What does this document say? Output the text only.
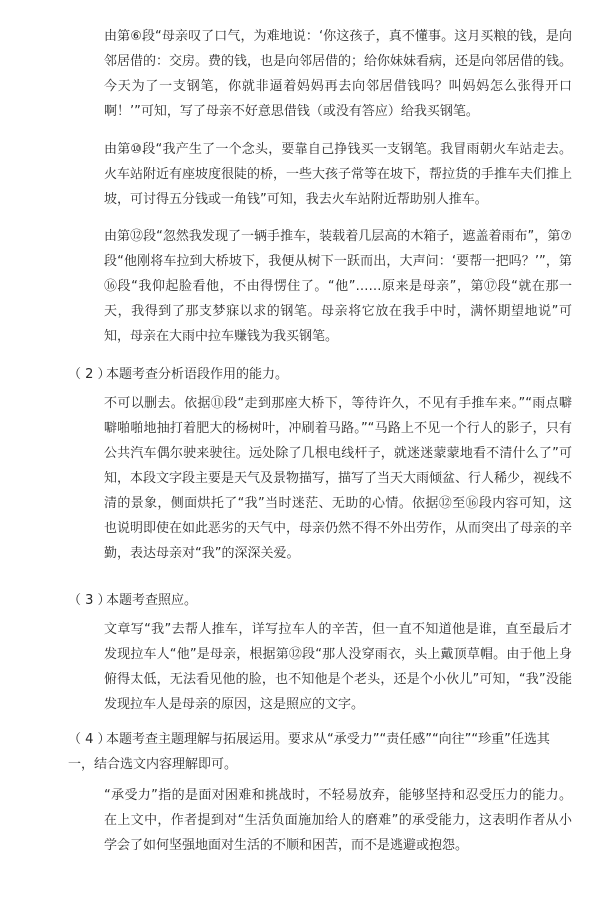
由第⑥段“母亲叹了口气，为难地说：‘你这孩子，真不懂事。这月买粮的钱，是向邻居借的：交房。费的钱，也是向邻居借的；给你妹妹看病，还是向邻居借的钱。今天为了一支钢笔，你就非逼着妈妈再去向邻居借钱吗？叫妈妈怎么张得开口啊！’”可知，写了母亲不好意思借钱（或没有答应）给我买钢笔。

由第⑩段“我产生了一个念头，要靠自己挣钱买一支钢笔。我冒雨朝火车站走去。火车站附近有座坡度很陡的桥，一些大孩子常等在坡下，帮拉货的手推车夫们推上坡，可讨得五分钱或一角钱”可知，我去火车站附近帮助别人推车。

由第⑫段“忽然我发现了一辆手推车，装载着几层高的木箱子，遮盖着雨布”，第⑦段“他刚将车拉到大桥坡下，我便从树下一跃而出，大声问：‘要帮一把吗？’”，第⑯段“我仰起脸看他，不由得愣住了。“他”……原来是母亲”，第⑰段“就在那一天，我得到了那支梦寐以求的钢笔。母亲将它放在我手中时，满怀期望地说”可知，母亲在大雨中拉车赚钱为我买钢笔。

（ 2 ）本题考查分析语段作用的能力。

不可以删去。依据⑪段“走到那座大桥下，等待许久，不见有手推车来。”“雨点噼噼啪啪地抽打着肥大的杨树叶，冲刷着马路。”“马路上不见一个行人的影子，只有公共汽车偶尔驶来驶往。远处除了几根电线杆子，就迷迷蒙蒙地看不清什么了”可知，本段文字段主要是天气及景物描写，描写了当天大雨倾盆、行人稀少，视线不清的景象，侧面烘托了“我”当时迷茫、无助的心情。依据⑫至⑯段内容可知，这也说明即使在如此恶劣的天气中，母亲仍然不得不外出劳作，从而突出了母亲的辛勤，表达母亲对“我”的深深关爱。

（ 3 ）本题考查照应。

文章写“我”去帮人推车，详写拉车人的辛苦，但一直不知道他是谁，直至最后才发现拉车人“他”是母亲，根据第⑫段“那人没穿雨衣，头上戴顶草帽。由于他上身俯得太低，无法看见他的脸，也不知他是个老头，还是个小伙儿”可知，“我”没能发现拉车人是母亲的原因，这是照应的文字。

（ 4 ）本题考查主题理解与拓展运用。要求从“承受力”“责任感”“向往”“珍重”任选其一，结合选文内容理解即可。

“承受力”指的是面对困难和挑战时，不轻易放弃，能够坚持和忍受压力的能力。在上文中，作者提到对“生活负面施加给人的磨难”的承受能力，这表明作者从小学会了如何坚强地面对生活的不顺和困苦，而不是逃避或抱怨。
